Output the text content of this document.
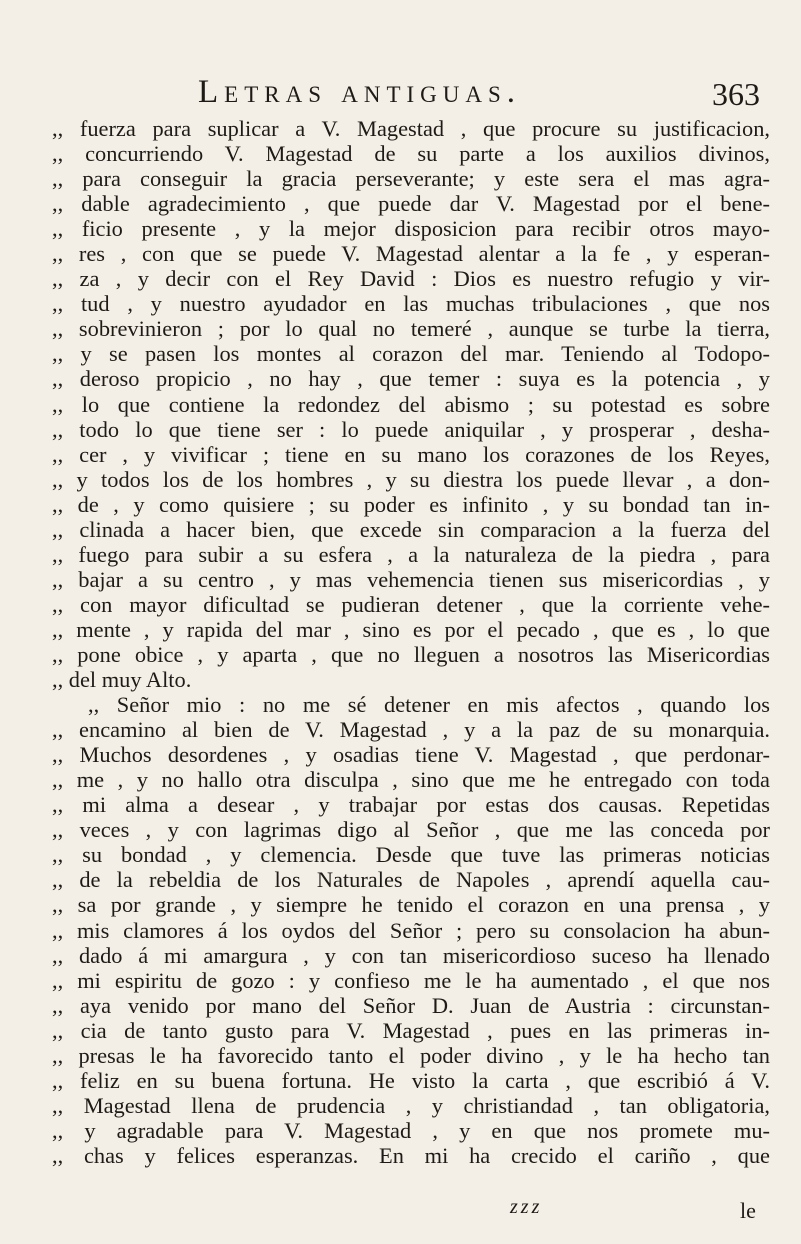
Letras antiguas.	363
,, fuerza para suplicar a V. Magestad , que procure su justificacion,
,, concurriendo V. Magestad de su parte a los auxilios divinos,
,, para conseguir la gracia perseverante; y este sera el mas agra-
,, dable agradecimiento , que puede dar V. Magestad por el bene-
,, ficio presente , y la mejor disposicion para recibir otros mayo-
,, res , con que se puede V. Magestad alentar a la fe , y esperan-
,, za , y decir con el Rey David : Dios es nuestro refugio y vir-
,, tud , y nuestro ayudador en las muchas tribulaciones , que nos
,, sobrevinieron ; por lo qual no temeré , aunque se turbe la tierra,
,, y se pasen los montes al corazon del mar. Teniendo al Todopo-
,, deroso propicio , no hay , que temer : suya es la potencia , y
,, lo que contiene la redondez del abismo ; su potestad es sobre
,, todo lo que tiene ser : lo puede aniquilar , y prosperar , desha-
,, cer , y vivificar ; tiene en su mano los corazones de los Reyes,
,, y todos los de los hombres , y su diestra los puede llevar , a don-
,, de , y como quisiere ; su poder es infinito , y su bondad tan in-
,, clinada a hacer bien, que excede sin comparacion a la fuerza del
,, fuego para subir a su esfera , a la naturaleza de la piedra , para
,, bajar a su centro , y mas vehemencia tienen sus misericordias , y
,, con mayor dificultad se pudieran detener , que la corriente vehe-
,, mente , y rapida del mar , sino es por el pecado , que es , lo que
,, pone obice , y aparta , que no lleguen a nosotros las Misericordias
,, del muy Alto.
,, Señor mio : no me sé detener en mis afectos , quando los
,, encamino al bien de V. Magestad , y a la paz de su monarquia.
,, Muchos desordenes , y osadias tiene V. Magestad , que perdonar-
,, me , y no hallo otra disculpa , sino que me he entregado con toda
,, mi alma a desear , y trabajar por estas dos causas. Repetidas
,, veces , y con lagrimas digo al Señor , que me las conceda por
,, su bondad , y clemencia. Desde que tuve las primeras noticias
,, de la rebeldia de los Naturales de Napoles , aprendí aquella cau-
,, sa por grande , y siempre he tenido el corazon en una prensa , y
,, mis clamores á los oydos del Señor ; pero su consolacion ha abun-
,, dado á mi amargura , y con tan misericordioso suceso ha llenado
,, mi espiritu de gozo : y confieso me le ha aumentado , el que nos
,, aya venido por mano del Señor D. Juan de Austria : circunstan-
,, cia de tanto gusto para V. Magestad , pues en las primeras in-
,, presas le ha favorecido tanto el poder divino , y le ha hecho tan
,, feliz en su buena fortuna. He visto la carta , que escribió á V.
,, Magestad llena de prudencia , y christiandad , tan obligatoria,
,, y agradable para V. Magestad , y en que nos promete mu-
,, chas y felices esperanzas. En mi ha crecido el cariño , que
zzz	le
